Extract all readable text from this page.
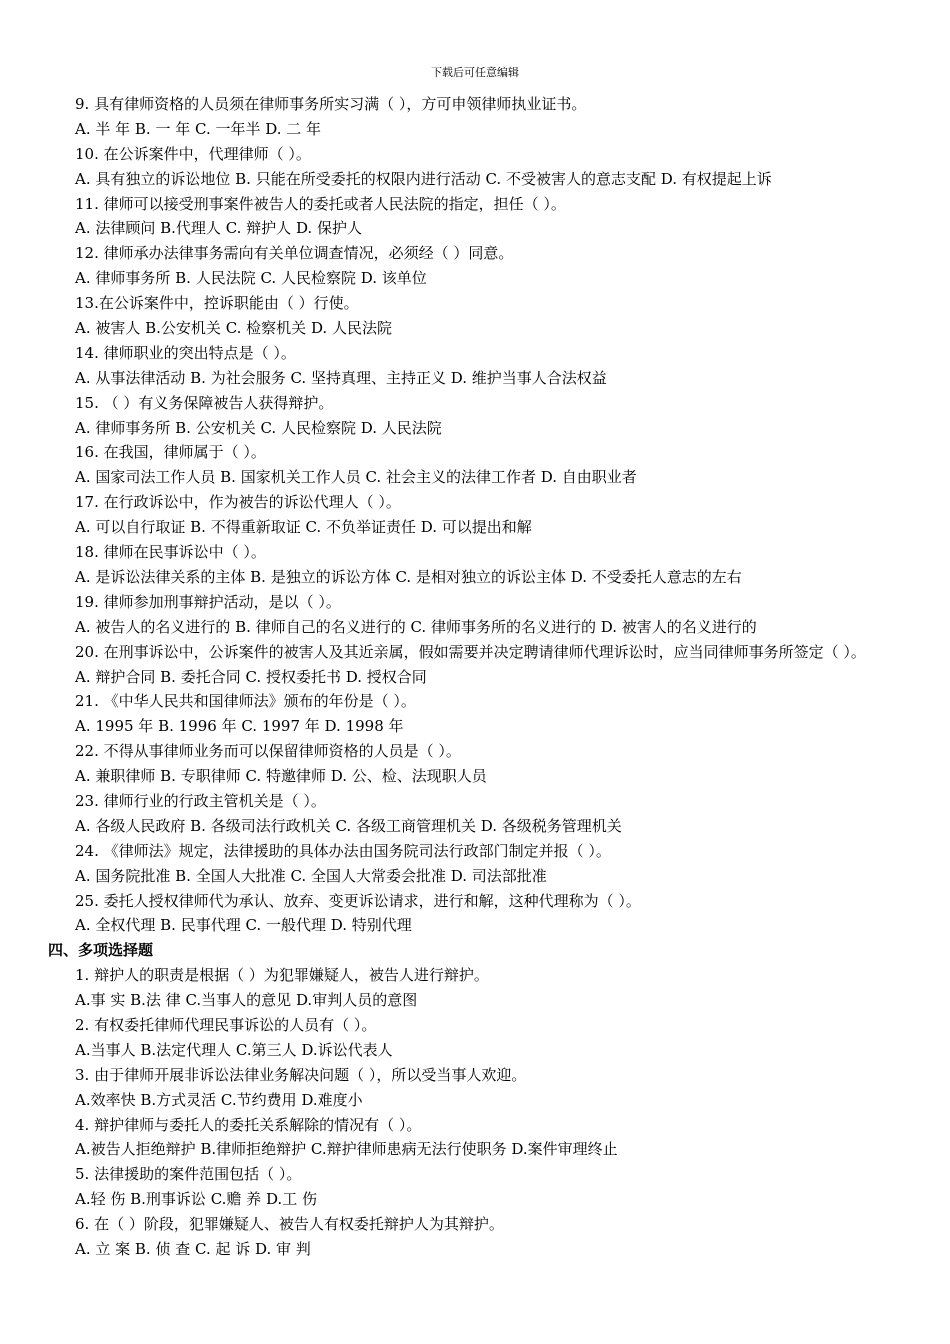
下载后可任意编辑
9. 具有律师资格的人员须在律师事务所实习满（ ），方可申领律师执业证书。
A. 半 年 B. 一 年 C. 一年半 D. 二 年
10. 在公诉案件中，代理律师（ ）。
A. 具有独立的诉讼地位 B. 只能在所受委托的权限内进行活动 C. 不受被害人的意志支配 D. 有权提起上诉
11. 律师可以接受刑事案件被告人的委托或者人民法院的指定，担任（ ）。
A. 法律顾问 B.代理人 C. 辩护人 D. 保护人
12. 律师承办法律事务需向有关单位调查情况，必须经（ ）同意。
A. 律师事务所 B. 人民法院 C. 人民检察院 D. 该单位
13.在公诉案件中，控诉职能由（ ）行使。
A. 被害人 B.公安机关 C. 检察机关 D. 人民法院
14. 律师职业的突出特点是（ ）。
A. 从事法律活动 B. 为社会服务 C. 坚持真理、主持正义 D. 维护当事人合法权益
15. （ ）有义务保障被告人获得辩护。
A. 律师事务所 B. 公安机关 C. 人民检察院 D. 人民法院
16. 在我国，律师属于（ ）。
A. 国家司法工作人员 B. 国家机关工作人员 C. 社会主义的法律工作者 D. 自由职业者
17. 在行政诉讼中，作为被告的诉讼代理人（ ）。
A. 可以自行取证 B. 不得重新取证 C. 不负举证责任 D. 可以提出和解
18. 律师在民事诉讼中（ ）。
A. 是诉讼法律关系的主体 B. 是独立的诉讼方体 C. 是相对独立的诉讼主体 D. 不受委托人意志的左右
19. 律师参加刑事辩护活动，是以（ ）。
A. 被告人的名义进行的 B. 律师自己的名义进行的 C. 律师事务所的名义进行的 D. 被害人的名义进行的
20. 在刑事诉讼中，公诉案件的被害人及其近亲属，假如需要并决定聘请律师代理诉讼时，应当同律师事务所签定（ ）。
A. 辩护合同 B. 委托合同 C. 授权委托书 D. 授权合同
21. 《中华人民共和国律师法》颁布的年份是（ ）。
A. 1995 年 B. 1996 年 C. 1997 年 D. 1998 年
22. 不得从事律师业务而可以保留律师资格的人员是（ ）。
A. 兼职律师 B. 专职律师 C. 特邀律师 D. 公、检、法现职人员
23. 律师行业的行政主管机关是（ ）。
A. 各级人民政府 B. 各级司法行政机关 C. 各级工商管理机关 D. 各级税务管理机关
24. 《律师法》规定，法律援助的具体办法由国务院司法行政部门制定并报（ ）。
A. 国务院批准 B. 全国人大批准 C. 全国人大常委会批准 D. 司法部批准
25. 委托人授权律师代为承认、放弃、变更诉讼请求，进行和解，这种代理称为（ ）。
A. 全权代理 B. 民事代理 C. 一般代理 D. 特别代理
四、多项选择题
1. 辩护人的职责是根据（ ）为犯罪嫌疑人，被告人进行辩护。
A.事 实 B.法 律 C.当事人的意见 D.审判人员的意图
2. 有权委托律师代理民事诉讼的人员有（ ）。
A.当事人 B.法定代理人 C.第三人 D.诉讼代表人
3. 由于律师开展非诉讼法律业务解决问题（ ），所以受当事人欢迎。
A.效率快 B.方式灵活 C.节约费用 D.难度小
4. 辩护律师与委托人的委托关系解除的情况有（ ）。
A.被告人拒绝辩护 B.律师拒绝辩护 C.辩护律师患病无法行使职务 D.案件审理终止
5. 法律援助的案件范围包括（ ）。
A.轻 伤 B.刑事诉讼 C.赡 养 D.工 伤
6. 在（ ）阶段，犯罪嫌疑人、被告人有权委托辩护人为其辩护。
A. 立 案 B. 侦 查 C. 起 诉 D. 审 判
